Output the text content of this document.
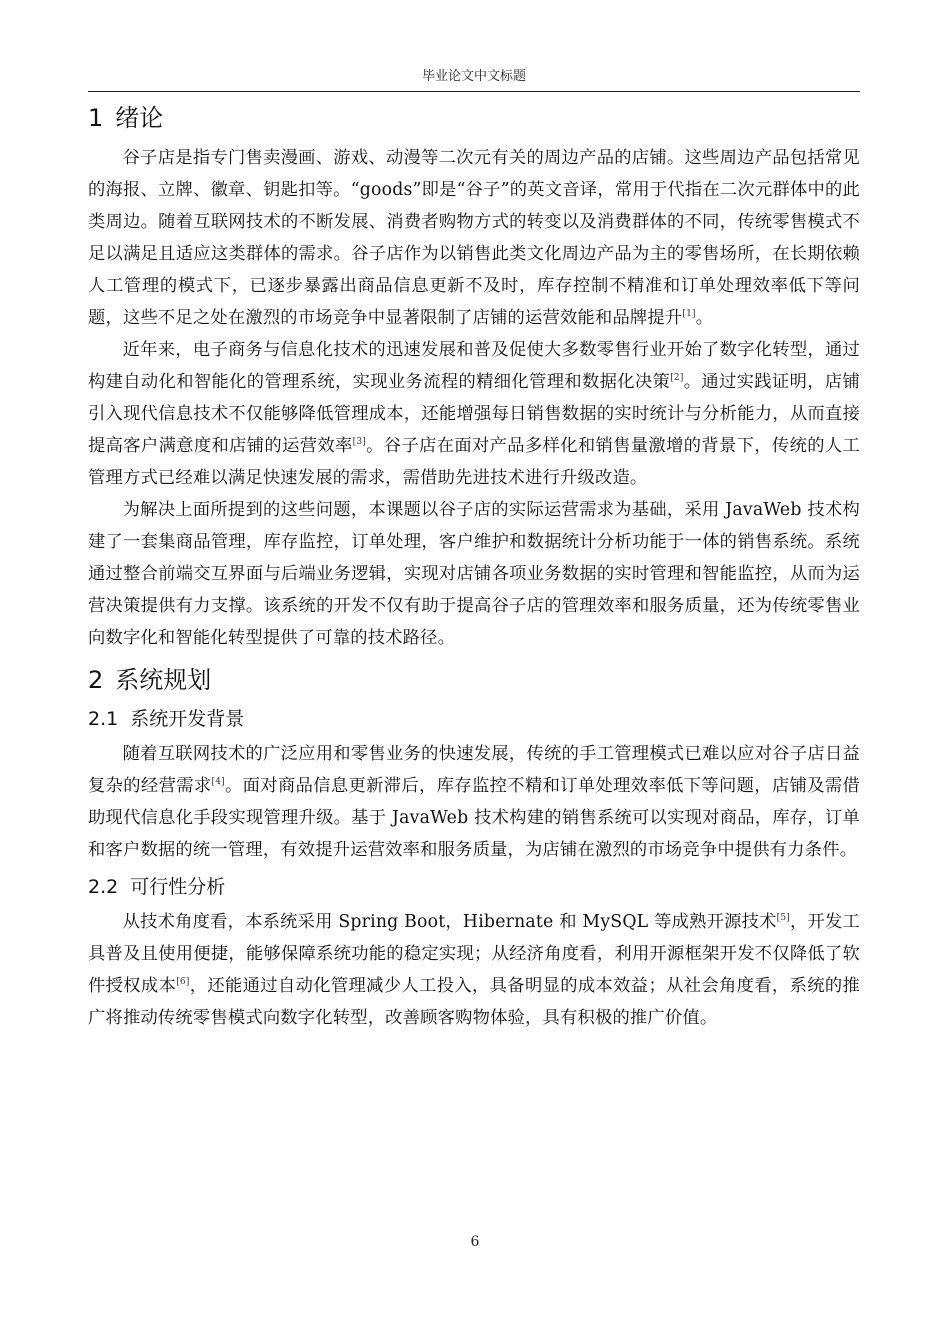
毕业论文中文标题
1 绪论

谷子店是指专门售卖漫画、游戏、动漫等二次元有关的周边产品的店铺。这些周边产品包括常见的海报、立牌、徽章、钥匙扣等。“goods”即是“谷子”的英文音译，常用于代指在二次元群体中的此类周边。随着互联网技术的不断发展、消费者购物方式的转变以及消费群体的不同，传统零售模式不足以满足且适应这类群体的需求。谷子店作为以销售此类文化周边产品为主的零售场所，在长期依赖人工管理的模式下，已逐步暴露出商品信息更新不及时，库存控制不精准和订单处理效率低下等问题，这些不足之处在激烈的市场竞争中显著限制了店铺的运营效能和品牌提升[1]。

近年来，电子商务与信息化技术的迅速发展和普及促使大多数零售行业开始了数字化转型，通过构建自动化和智能化的管理系统，实现业务流程的精细化管理和数据化决策[2]。通过实践证明，店铺引入现代信息技术不仅能够降低管理成本，还能增强每日销售数据的实时统计与分析能力，从而直接提高客户满意度和店铺的运营效率[3]。谷子店在面对产品多样化和销售量激增的背景下，传统的人工管理方式已经难以满足快速发展的需求，需借助先进技术进行升级改造。

为解决上面所提到的这些问题，本课题以谷子店的实际运营需求为基础，采用 JavaWeb 技术构建了一套集商品管理，库存监控，订单处理，客户维护和数据统计分析功能于一体的销售系统。系统通过整合前端交互界面与后端业务逻辑，实现对店铺各项业务数据的实时管理和智能监控，从而为运营决策提供有力支撑。该系统的开发不仅有助于提高谷子店的管理效率和服务质量，还为传统零售业向数字化和智能化转型提供了可靠的技术路径。

2 系统规划
2.1 系统开发背景

随着互联网技术的广泛应用和零售业务的快速发展，传统的手工管理模式已难以应对谷子店日益复杂的经营需求[4]。面对商品信息更新滞后，库存监控不精和订单处理效率低下等问题，店铺及需借助现代信息化手段实现管理升级。基于 JavaWeb 技术构建的销售系统可以实现对商品，库存，订单和客户数据的统一管理，有效提升运营效率和服务质量，为店铺在激烈的市场竞争中提供有力条件。

2.2 可行性分析

从技术角度看，本系统采用 Spring Boot，Hibernate 和 MySQL 等成熟开源技术[5]，开发工具普及且使用便捷，能够保障系统功能的稳定实现；从经济角度看，利用开源框架开发不仅降低了软件授权成本[6]，还能通过自动化管理减少人工投入，具备明显的成本效益；从社会角度看，系统的推广将推动传统零售模式向数字化转型，改善顾客购物体验，具有积极的推广价值。

6
